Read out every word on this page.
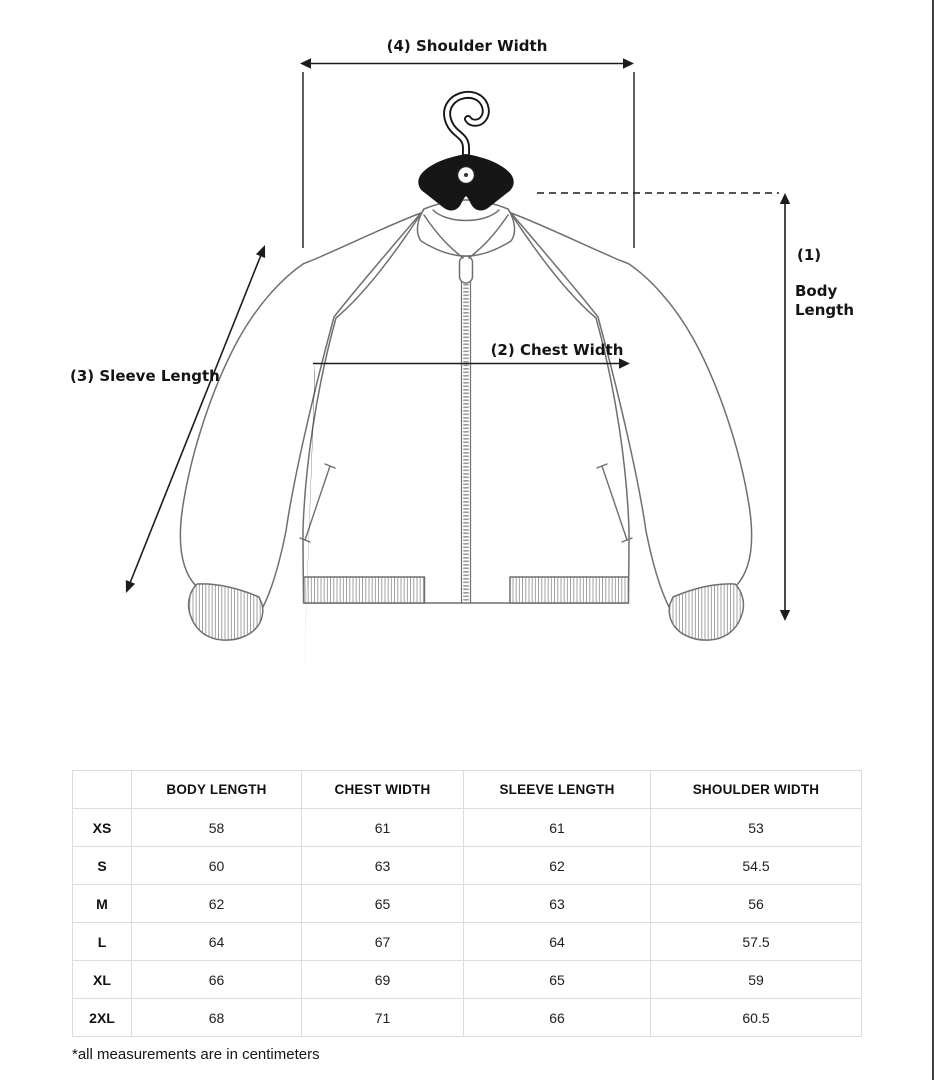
(4) Shoulder Width
(2) Chest Width
(3) Sleeve Length
(1)
Body
Length
	BODY LENGTH	CHEST WIDTH	SLEEVE LENGTH	SHOULDER WIDTH
XS	58	61	61	53
S	60	63	62	54.5
M	62	65	63	56
L	64	67	64	57.5
XL	66	69	65	59
2XL	68	71	66	60.5
*all measurements are in centimeters
